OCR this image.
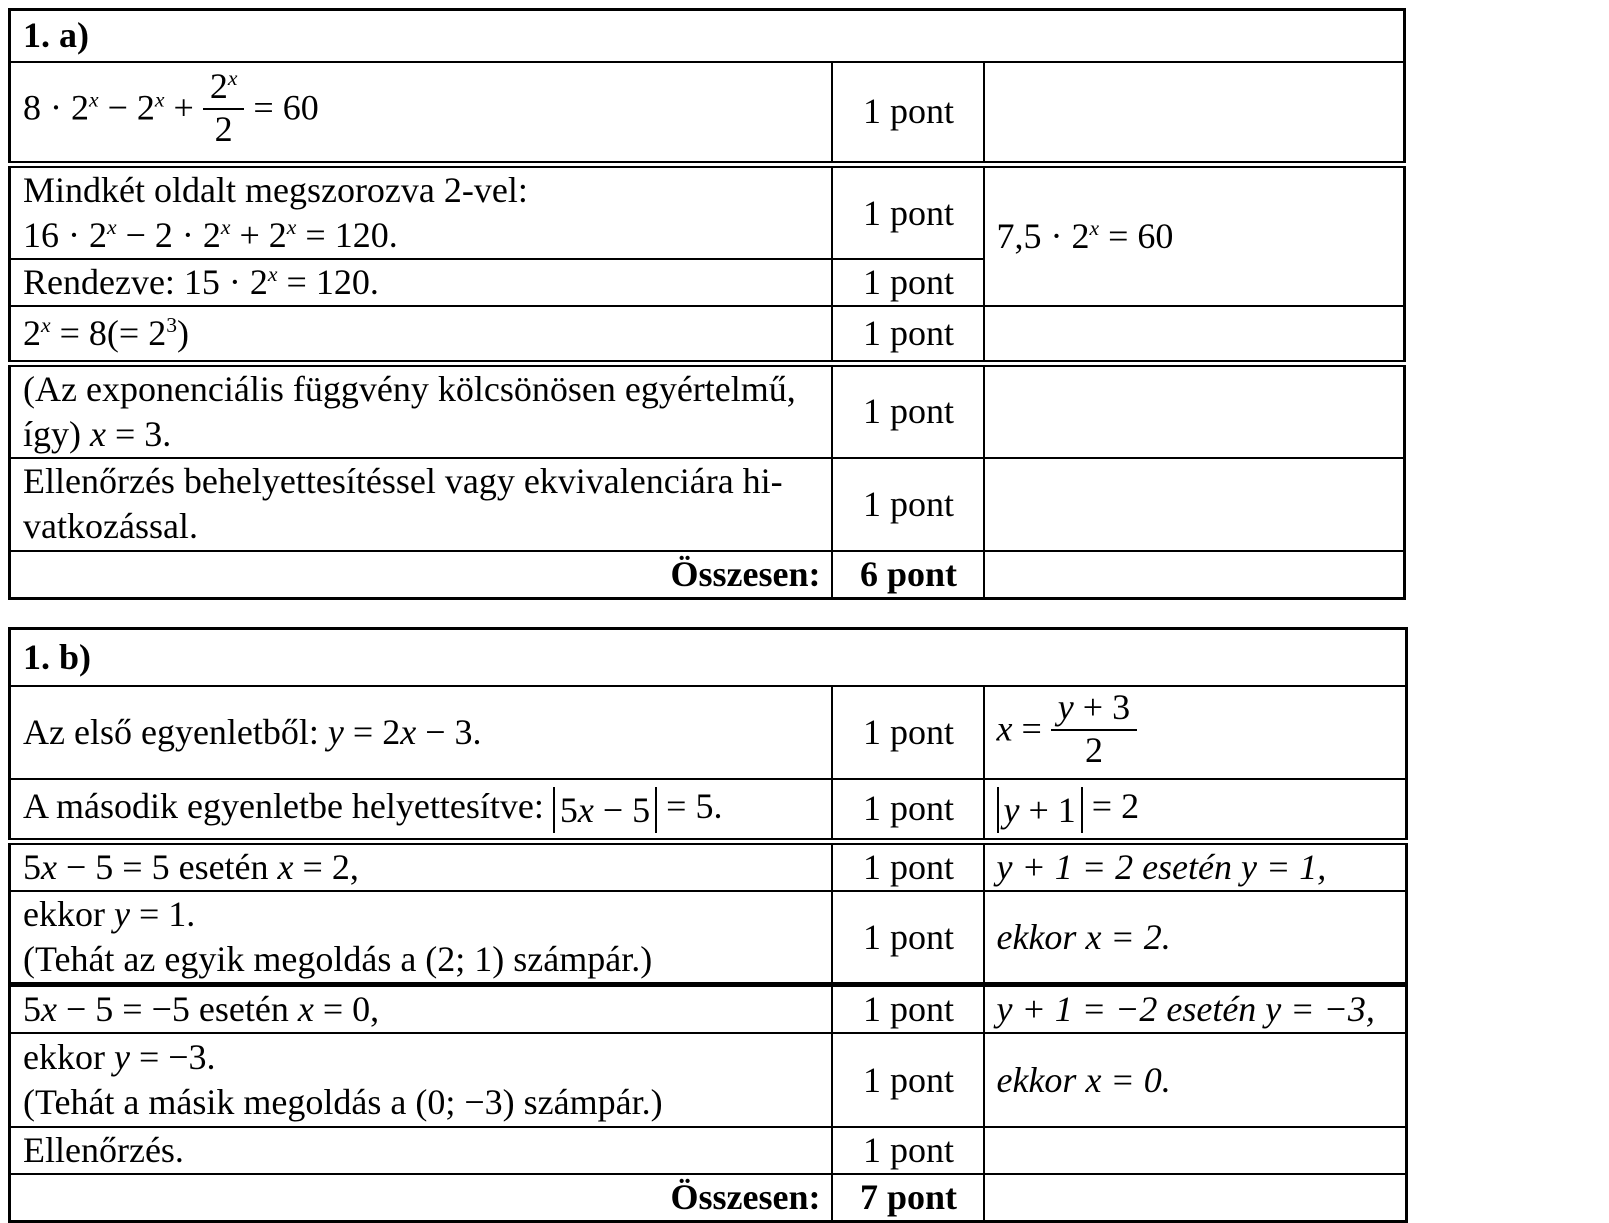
1. a)		
$8 \cdot 2^x - 2^x + \frac{2^x}{2} = 60$	1 pont	
Mindkét oldalt megszorozva 2-vel:
$16 \cdot 2^x - 2 \cdot 2^x + 2^x = 120$.	1 pont	$7,5 \cdot 2^x = 60$
Rendezve: $15 \cdot 2^x = 120$.	1 pont	
$2^x = 8(= 2^3)$	1 pont	
(Az exponenciális függvény kölcsönösen egyértelmű, így) x = 3.	1 pont	
Ellenőrzés behelyettesítéssel vagy ekvivalenciára hi-
vatkozással.	1 pont	
Összesen:	6 pont	
1. b)		
Az első egyenletből: y = 2x − 3.	1 pont	$x = \frac{y + 3}{2}$

A második egyenletbe helyettesítve: 5x − 5 = 5.	1 pont	y + 1 = 2
5x − 5 = 5 esetén x = 2,	1 pont	y + 1 = 2 esetén y = 1,
ekkor y = 1.
(Tehát az egyik megoldás a (2; 1) számpár.)	1 pont	ekkor x = 2.
5x − 5 = −5 esetén x = 0,	1 pont	y + 1 = −2 esetén y = −3,
ekkor y = −3.
(Tehát a másik megoldás a (0; −3) számpár.)	1 pont	ekkor x = 0.
Ellenőrzés.	1 pont	
Összesen:	7 pont	
